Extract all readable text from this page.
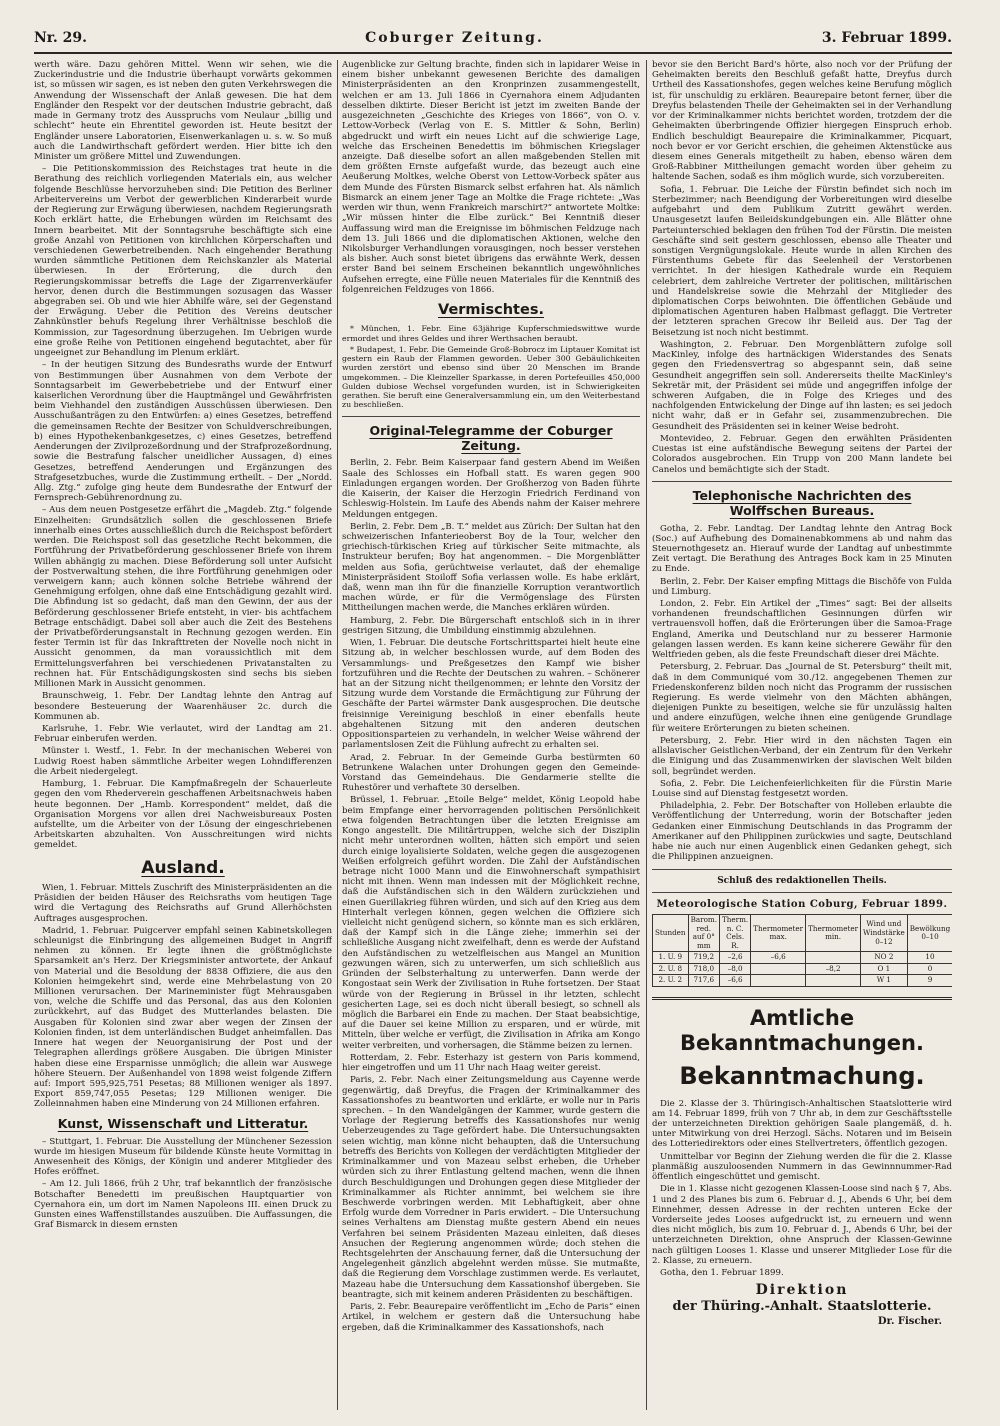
Nr. 29.	Coburger Zeitung.	3. Februar 1899.

werth wäre. Dazu gehören Mittel. Wenn wir sehen, wie die Zuckerindustrie und die Industrie überhaupt vorwärts gekommen ist, so müssen wir sagen, es ist neben den guten Verkehrswegen die Anwendung der Wissenschaft der Anlaß gewesen. Die hat dem Engländer den Respekt vor der deutschen Industrie gebracht, daß made in Germany trotz des Ausspruchs vom Neulaur „billig und schlecht“ heute ein Ehrentitel geworden ist. Heute besitzt der Engländer unsere Laboratorien, Eisenwerkanlagen u. s. w. So muß auch die Landwirthschaft gefördert werden. Hier bitte ich den Minister um größere Mittel und Zuwendungen.

– Die Petitionskommission des Reichstages trat heute in die Berathung des reichlich vorliegenden Materials ein, aus welcher folgende Beschlüsse hervorzuheben sind: Die Petition des Berliner Arbeitervereins um Verbot der gewerblichen Kinderarbeit wurde der Regierung zur Erwägung überwiesen, nachdem Regierungsrath Koch erklärt hatte, die Erhebungen würden im Reichsamt des Innern bearbeitet. Mit der Sonntagsruhe beschäftigte sich eine große Anzahl von Petitionen von kirchlichen Körperschaften und verschiedenen Gewerbetreibenden. Nach eingehender Berathung wurden sämmtliche Petitionen dem Reichskanzler als Material überwiesen. In der Erörterung, die durch den Regierungskommissar betreffs die Lage der Zigarrenverkäufer hervor, denen durch die Bestimmungen sozusagen das Wasser abgegraben sei. Ob und wie hier Abhilfe wäre, sei der Gegenstand der Erwägung. Ueber die Petition des Vereins deutscher Zahnkünstler behufs Regelung ihrer Verhältnisse beschloß die Kommission, zur Tagesordnung überzugehen. Im Uebrigen wurde eine große Reihe von Petitionen eingehend begutachtet, aber für ungeeignet zur Behandlung im Plenum erklärt.

– In der heutigen Sitzung des Bundesraths wurde der Entwurf von Bestimmungen über Ausnahmen von dem Verbote der Sonntagsarbeit im Gewerbebetriebe und der Entwurf einer kaiserlichen Verordnung über die Hauptmängel und Gewährfristen beim Viehhandel den zuständigen Ausschüssen überwiesen. Den Ausschußanträgen zu den Entwürfen: a) eines Gesetzes, betreffend die gemeinsamen Rechte der Besitzer von Schuldverschreibungen, b) eines Hypothekenbankgesetzes, c) eines Gesetzes, betreffend Aenderungen der Zivilprozeßordnung und der Strafprozeßordnung, sowie die Bestrafung falscher uneidlicher Aussagen, d) eines Gesetzes, betreffend Aenderungen und Ergänzungen des Strafgesetzbuches, wurde die Zustimmung ertheilt. – Der „Nordd. Allg. Ztg.“ zufolge ging heute dem Bundesrathe der Entwurf der Fernsprech-Gebührenordnung zu.

– Aus dem neuen Postgesetze erfährt die „Magdeb. Ztg.“ folgende Einzelheiten: Grundsätzlich sollen die geschlossenen Briefe innerhalb eines Ortes ausschließlich durch die Reichspost befördert werden. Die Reichspost soll das gesetzliche Recht bekommen, die Fortführung der Privatbeförderung geschlossener Briefe von ihrem Willen abhängig zu machen. Diese Beförderung soll unter Aufsicht der Postverwaltung stehen, die ihre Fortführung genehmigen oder verweigern kann; auch können solche Betriebe während der Genehmigung erfolgen, ohne daß eine Entschädigung gezahlt wird. Die Abfindung ist so gedacht, daß man den Gewinn, der aus der Beförderung geschlossener Briefe entsteht, in vier- bis achtfachem Betrage entschädigt. Dabei soll aber auch die Zeit des Bestehens der Privatbeförderungsanstalt in Rechnung gezogen werden. Ein fester Termin ist für das Inkrafttreten der Novelle noch nicht in Aussicht genommen, da man voraussichtlich mit dem Ermittelungsverfahren bei verschiedenen Privatanstalten zu rechnen hat. Für Entschädigungskosten sind sechs bis sieben Millionen Mark in Aussicht genommen.

Braunschweig, 1. Febr. Der Landtag lehnte den Antrag auf besondere Besteuerung der Waarenhäuser 2c. durch die Kommunen ab.

Karlsruhe, 1. Febr. Wie verlautet, wird der Landtag am 21. Februar einberufen werden.

Münster i. Westf., 1. Febr. In der mechanischen Weberei von Ludwig Roest haben sämmtliche Arbeiter wegen Lohndifferenzen die Arbeit niedergelegt.

Hamburg, 1. Februar. Die Kampfmaßregeln der Schauerleute gegen den vom Rhederverein geschaffenen Arbeitsnachweis haben heute begonnen. Der „Hamb. Korrespondent“ meldet, daß die Organisation Morgens vor allen drei Nachweisbureaux Posten aufstellte, um die Arbeiter von der Lösung der eingeschriebenen Arbeitskarten abzuhalten. Von Ausschreitungen wird nichts gemeldet.

Ausland.

Wien, 1. Februar. Mittels Zuschrift des Ministerpräsidenten an die Präsidien der beiden Häuser des Reichsraths vom heutigen Tage wird die Vertagung des Reichsraths auf Grund Allerhöchsten Auftrages ausgesprochen.

Madrid, 1. Februar. Puigcerver empfahl seinen Kabinetskollegen schleunigst die Einbringung des allgemeinen Budget in Angriff nehmen zu können. Er legte ihnen die größtmöglichste Sparsamkeit an's Herz. Der Kriegsminister antwortete, der Ankauf von Material und die Besoldung der 8838 Offiziere, die aus den Kolonien heimgekehrt sind, werde eine Mehrbelastung von 20 Millionen verursachen. Der Marineminister fügt Mehrausgaben von, welche die Schiffe und das Personal, das aus den Kolonien zurückkehrt, auf das Budget des Mutterlandes belasten. Die Ausgaben für Kolonien sind zwar aber wegen der Zinsen der Kolonien finden, ist dem unterländischen Budget anheimfallen. Das Innere hat wegen der Neuorganisirung der Post und der Telegraphen allerdings größere Ausgaben. Die übrigen Minister haben diese eine Ersparnisse unmöglich; die allein war Auswege höhere Steuern. Der Außenhandel von 1898 weist folgende Ziffern auf: Import 595,925,751 Pesetas; 88 Millionen weniger als 1897. Export 859,747,055 Pesetas; 129 Millionen weniger. Die Zolleinnahmen haben eine Minderung von 24 Millionen erfahren.

Kunst, Wissenschaft und Litteratur.

– Stuttgart, 1. Februar. Die Ausstellung der Münchener Sezession wurde im hiesigen Museum für bildende Künste heute Vormittag in Anwesenheit des Königs, der Königin und anderer Mitglieder des Hofes eröffnet.

– Am 12. Juli 1866, früh 2 Uhr, traf bekanntlich der französische Botschafter Benedetti im preußischen Hauptquartier von Cyernahora ein, um dort im Namen Napoleons III. einen Druck zu Gunsten eines Waffenstillstandes auszuüben. Die Auffassungen, die Graf Bismarck in diesem ernsten

Augenblicke zur Geltung brachte, finden sich in lapidarer Weise in einem bisher unbekannt gewesenen Berichte des damaligen Ministerpräsidenten an den Kronprinzen zusammengestellt, welchen er am 13. Juli 1866 in Cyernahora einem Adjudanten desselben diktirte. Dieser Bericht ist jetzt im zweiten Bande der ausgezeichneten „Geschichte des Krieges von 1866“, von O. v. Lettow-Vorbeck (Verlag von E. S. Mittler & Sohn, Berlin) abgedruckt und wirft ein neues Licht auf die schwierige Lage, welche das Erscheinen Benedettis im böhmischen Kriegslager anzeigte. Daß dieselbe sofort an allen maßgebenden Stellen mit dem größten Ernste aufgefaßt wurde, das bezeugt auch eine Aeußerung Moltkes, welche Oberst von Lettow-Vorbeck später aus dem Munde des Fürsten Bismarck selbst erfahren hat. Als nämlich Bismarck an einem jener Tage an Moltke die Frage richtete: „Was werden wir thun, wenn Frankreich marschirt?“ antwortete Moltke: „Wir müssen hinter die Elbe zurück.“ Bei Kenntniß dieser Auffassung wird man die Ereignisse im böhmischen Feldzuge nach dem 13. Juli 1866 und die diplomatischen Aktionen, welche den Nikolsburger Verhandlungen vorausgingen, noch besser verstehen als bisher. Auch sonst bietet übrigens das erwähnte Werk, dessen erster Band bei seinem Erscheinen bekanntlich ungewöhnliches Aufsehen erregte, eine Fülle neuen Materiales für die Kenntniß des folgenreichen Feldzuges von 1866.

Vermischtes.

* München, 1. Febr. Eine 63jährige Kupferschmiedswittwe wurde ermordet und ihres Geldes und ihrer Werthsachen beraubt.

* Budapest, 1. Febr. Die Gemeinde Groß-Bobrocz im Liptauer Komitat ist gestern ein Raub der Flammen geworden. Ueber 300 Gebäulichkeiten wurden zerstört und ebenso sind über 20 Menschen im Brande umgekommen. – Die Kleinzeller Sparkasse, in deren Portefeuilles 450,000 Gulden dubiose Wechsel vorgefunden wurden, ist in Schwierigkeiten gerathen. Sie beruft eine Generalversammlung ein, um den Weiterbestand zu beschließen.

Original-Telegramme der Coburger Zeitung.

Berlin, 2. Febr. Beim Kaiserpaar fand gestern Abend im Weißen Saale des Schlosses ein Hofball statt. Es waren gegen 900 Einladungen ergangen worden. Der Großherzog von Baden führte die Kaiserin, der Kaiser die Herzogin Friedrich Ferdinand von Schleswig-Holstein. Im Laufe des Abends nahm der Kaiser mehrere Meldungen entgegen.

Berlin, 2. Febr. Dem „B. T.“ meldet aus Zürich: Der Sultan hat den schweizerischen Infanterieoberst Boy de la Tour, welcher den griechisch-türkischen Krieg auf türkischer Seite mitmachte, als Instrukteur berufen; Boy hat angenommen. – Die Morgenblätter melden aus Sofia, gerüchtweise verlautet, daß der ehemalige Ministerpräsident Stoiloff Sofia verlassen wolle. Es habe erklärt, daß, wenn man ihn für die finanzielle Korruption verantwortlich machen würde, er für die Vermögenslage des Fürsten Mittheilungen machen werde, die Manches erklären würden.

Hamburg, 2. Febr. Die Bürgerschaft entschloß sich in in ihrer gestrigen Sitzung, die Umbildung einstimmig abzulehnen.

Wien, 1. Februar. Die deutsche Fortschrittspartei hielt heute eine Sitzung ab, in welcher beschlossen wurde, auf dem Boden des Versammlungs- und Preßgesetzes den Kampf wie bisher fortzuführen und die Rechte der Deutschen zu wahren. – Schönerer hat an der Sitzung nicht theilgenommen; er lehnte den Vorsitz der Sitzung wurde dem Vorstande die Ermächtigung zur Führung der Geschäfte der Partei wärmster Dank ausgesprochen. Die deutsche freisinnige Vereinigung beschloß in einer ebenfalls heute abgehaltenen Sitzung mit den anderen deutschen Oppositionsparteien zu verhandeln, in welcher Weise während der parlamentslosen Zeit die Fühlung aufrecht zu erhalten sei.

Arad, 2. Februar. In der Gemeinde Gurba bestürmten 60 Betrunkene Walachen unter Drohungen gegen den Gemeinde-Vorstand das Gemeindehaus. Die Gendarmerie stellte die Ruhestörer und verhaftete 30 derselben.

Brüssel, 1. Februar. „Etoile Belge“ meldet, König Leopold habe beim Empfange einer hervorragenden politischen Persönlichkeit etwa folgenden Betrachtungen über die letzten Ereignisse am Kongo angestellt. Die Militärtruppen, welche sich der Disziplin nicht mehr unterordnen wollten, hätten sich empört und seien durch einige loyalisierte Soldaten, welche gegen die ausgezogenen Weißen erfolgreich geführt worden. Die Zahl der Aufständischen betrage nicht 1000 Mann und die Einwohnerschaft sympathisirt nicht mit ihnen. Wenn man indessen mit der Möglichkeit rechne, daß die Aufständischen sich in den Wäldern zurückziehen und einen Guerillakrieg führen würden, und sich auf den Krieg aus dem Hinterhalt verlegen können, gegen welchen die Offiziere sich vielleicht nicht genügend sichern, so könnte man es sich erklären, daß der Kampf sich in die Länge ziehe; immerhin sei der schließliche Ausgang nicht zweifelhaft, denn es werde der Aufstand den Aufständischen zu wetzelfleischen aus Mangel an Munition gezwungen wären, sich zu unterwerfen, um sich schließlich aus Gründen der Selbsterhaltung zu unterwerfen. Dann werde der Kongostaat sein Werk der Zivilisation in Ruhe fortsetzen. Der Staat würde von der Regierung in Brüssel in ihr letzten, schlecht gesicherten Lage, sei es doch nicht überall besiegt, so schnell als möglich die Barbarei ein Ende zu machen. Der Staat beabsichtige, auf die Dauer sei keine Million zu ersparen, und er würde, mit Mitteln, über welche er verfügt, die Zivilisation in Afrika am Kongo weiter verbreiten, und vorhersagen, die Stämme beizen zu lernen.

Rotterdam, 2. Febr. Esterhazy ist gestern von Paris kommend, hier eingetroffen und um 11 Uhr nach Haag weiter gereist.

Paris, 2. Febr. Nach einer Zeitungsmeldung aus Cayenne werde gegenwärtig, daß Dreyfus, die Fragen der Kriminalkammer des Kassationshofes zu beantworten und erklärte, er wolle nur in Paris sprechen. – In den Wandelgängen der Kammer, wurde gestern die Vorlage der Regierung betreffs des Kassationshofes nur wenig Ueberzeugendes zu Tage gefördert habe. Die Untersuchungsakten seien wichtig, man könne nicht behaupten, daß die Untersuchung betreffs des Berichts von Kollegen der verdächtigten Mitglieder der Kriminalkammer und von Mazeau selbst erheben, die Urheber würden sich zu ihrer Entlastung geltend machen, wenn die ihnen durch Beschuldigungen und Drohungen gegen diese Mitglieder der Kriminalkammer als Richter annimmt, bei welchem sie ihre Beschwerde vorbringen werden. Mit Lebhaftigkeit, aber ohne Erfolg wurde dem Vorredner in Paris erwidert. – Die Untersuchung seines Verhaltens am Dienstag mußte gestern Abend ein neues Verfahren bei seinem Präsidenten Mazeau einleiten, daß dieses Ansuchen der Regierung angenommen würde; doch stehen die Rechtsgelehrten der Anschauung ferner, daß die Untersuchung der Angelegenheit gänzlich abgelehnt werden müsse. Sie mutmaßte, daß die Regierung dem Vorschlage zustimmen werde. Es verlautet, Mazeau habe die Untersuchung dem Kassationshof übergeben. Sie beantragte, sich mit keinem anderen Präsidenten zu beschäftigen.

Paris, 2. Febr. Beaurepaire veröffentlicht im „Echo de Paris“ einen Artikel, in welchem er gestern daß die Untersuchung habe ergeben, daß die Kriminalkammer des Kassationshofs, nach

bevor sie den Bericht Bard's hörte, also noch vor der Prüfung der Geheimakten bereits den Beschluß gefaßt hatte, Dreyfus durch Urtheil des Kassationshofes, gegen welches keine Berufung möglich ist, für unschuldig zu erklären. Beaurepaire betont ferner, über die Dreyfus belastenden Theile der Geheimakten sei in der Verhandlung vor der Kriminalkammer nichts berichtet worden, trotzdem der die Geheimakten überbringende Offizier hiergegen Einspruch erhob. Endlich beschuldigt Beaurepaire die Kriminalkammer, Picquart, noch bevor er vor Gericht erschien, die geheimen Aktenstücke aus diesem eines Generals mitgetheilt zu haben, ebenso wären dem Groß-Rabbiner Mittheilungen gemacht worden über geheim zu haltende Sachen, sodaß es ihm möglich wurde, sich vorzubereiten.

Sofia, 1. Februar. Die Leiche der Fürstin befindet sich noch im Sterbezimmer; nach Beendigung der Vorbereitungen wird dieselbe aufgebahrt und dem Publikum Zutritt gewährt werden. Unausgesetzt laufen Beileidskundgebungen ein. Alle Blätter ohne Parteiunterschied beklagen den frühen Tod der Fürstin. Die meisten Geschäfte sind seit gestern geschlossen, ebenso alle Theater und sonstigen Vergnügungslokale. Heute wurde in allen Kirchen des Fürstenthums Gebete für das Seelenheil der Verstorbenen verrichtet. In der hiesigen Kathedrale wurde ein Requiem celebriert, dem zahlreiche Vertreter der politischen, militärischen und Handelskreise sowie die Mehrzahl der Mitglieder des diplomatischen Corps beiwohnten. Die öffentlichen Gebäude und diplomatischen Agenturen haben Halbmast geflaggt. Die Vertreter der letzteren sprachen Grecow ihr Beileid aus. Der Tag der Beisetzung ist noch nicht bestimmt.

Washington, 2. Februar. Den Morgenblättern zufolge soll MacKinley, infolge des hartnäckigen Widerstandes des Senats gegen den Friedensvertrag so abgespannt sein, daß seine Gesundheit angegriffen sein soll. Andererseits theilte MacKinley's Sekretär mit, der Präsident sei müde und angegriffen infolge der schweren Aufgaben, die in Folge des Krieges und des nachfolgenden Entwickelung der Dinge auf ihn lasten; es sei jedoch nicht wahr, daß er in Gefahr sei, zusammenzubrechen. Die Gesundheit des Präsidenten sei in keiner Weise bedroht.

Montevideo, 2. Februar. Gegen den erwählten Präsidenten Cuestas ist eine aufständische Bewegung seitens der Partei der Colorados ausgebrochen. Ein Trupp von 200 Mann landete bei Canelos und bemächtigte sich der Stadt.

Telephonische Nachrichten des Wolffschen Bureaus.

Gotha, 2. Febr. Landtag. Der Landtag lehnte den Antrag Bock (Soc.) auf Aufhebung des Domainenabkommens ab und nahm das Steuernothgesetz an. Hierauf wurde der Landtag auf unbestimmte Zeit vertagt. Die Berathung des Antrages Bock kam in 25 Minuten zu Ende.

Berlin, 2. Febr. Der Kaiser empfing Mittags die Bischöfe von Fulda und Limburg.

London, 2. Febr. Ein Artikel der „Times“ sagt: Bei der allseits vorhandenen freundschaftlichen Gesinnungen dürfen wir vertrauensvoll hoffen, daß die Erörterungen über die Samoa-Frage England, Amerika und Deutschland nur zu besserer Harmonie gelangen lassen werden. Es kann keine sicherere Gewähr für den Weltfrieden geben, als die feste Freundschaft dieser drei Mächte.

Petersburg, 2. Februar. Das „Journal de St. Petersburg“ theilt mit, daß in dem Communiqué vom 30./12. angegebenen Themen zur Friedenskonferenz bilden noch nicht das Programm der russischen Regierung. Es werde vielmehr von den Mächten abhängen, diejenigen Punkte zu beseitigen, welche sie für unzulässig halten und andere einzufügen, welche ihnen eine genügende Grundlage für weitere Erörterungen zu bieten scheinen.

Petersburg, 2. Febr. Hier wird in den nächsten Tagen ein allslavischer Geistlichen-Verband, der ein Zentrum für den Verkehr die Einigung und das Zusammenwirken der slavischen Welt bilden soll, begründet werden.

Sofia, 2. Febr. Die Leichenfeierlichkeiten für die Fürstin Marie Louise sind auf Dienstag festgesetzt worden.

Philadelphia, 2. Febr. Der Botschafter von Holleben erlaubte die Veröffentlichung der Unterredung, worin der Botschafter jeden Gedanken einer Einmischung Deutschlands in das Programm der Amerikaner auf den Philippinen zurückwies und sagte, Deutschland habe nie auch nur einen Augenblick einen Gedanken gehegt, sich die Philippinen anzueignen.

Schluß des redaktionellen Theils.
Meteorologische Station Coburg, Februar 1899.
Stunden	Barom. red. auf 0° mm	Therm. n. C. Cels. R.	Thermometer max.	Thermometer min.	Wind und Windstärke 0–12	Bewölkung 0–10
1. U. 9	719,2	–2,6	–6,6		NO 2	10
2. U. 8	718,0	–8,0		–8,2	O 1	0
2. U. 2	717,6	–6,6			W 1	9
Amtliche Bekanntmachungen.
Bekanntmachung.

Die 2. Klasse der 3. Thüringisch-Anhaltischen Staatslotterie wird am 14. Februar 1899, früh von 7 Uhr ab, in dem zur Geschäftsstelle der unterzeichneten Direktion gehörigen Saale plangemäß, d. h. unter Mitwirkung von drei Herzogl. Sächs. Notaren und im Beisein des Lotteriedirektors oder eines Stellvertreters, öffentlich gezogen.

Unmittelbar vor Beginn der Ziehung werden die für die 2. Klasse planmäßig auszuloosenden Nummern in das Gewinnnummer-Rad öffentlich eingeschüttet und gemischt.

Die in 1. Klasse nicht gezogenen Klassen-Loose sind nach § 7, Abs. 1 und 2 des Planes bis zum 6. Februar d. J., Abends 6 Uhr, bei dem Einnehmer, dessen Adresse in der rechten unteren Ecke der Vorderseite jedes Looses aufgedruckt ist, zu erneuern und wenn dies nicht möglich, bis zum 10. Februar d. J., Abends 6 Uhr, bei der unterzeichneten Direktion, ohne Anspruch der Klassen-Gewinne nach gültigen Looses 1. Klasse und unserer Mitglieder Lose für die 2. Klasse, zu erneuern.

Gotha, den 1. Februar 1899.

Direktion
der Thüring.-Anhalt. Staatslotterie.
Dr. Fischer.
